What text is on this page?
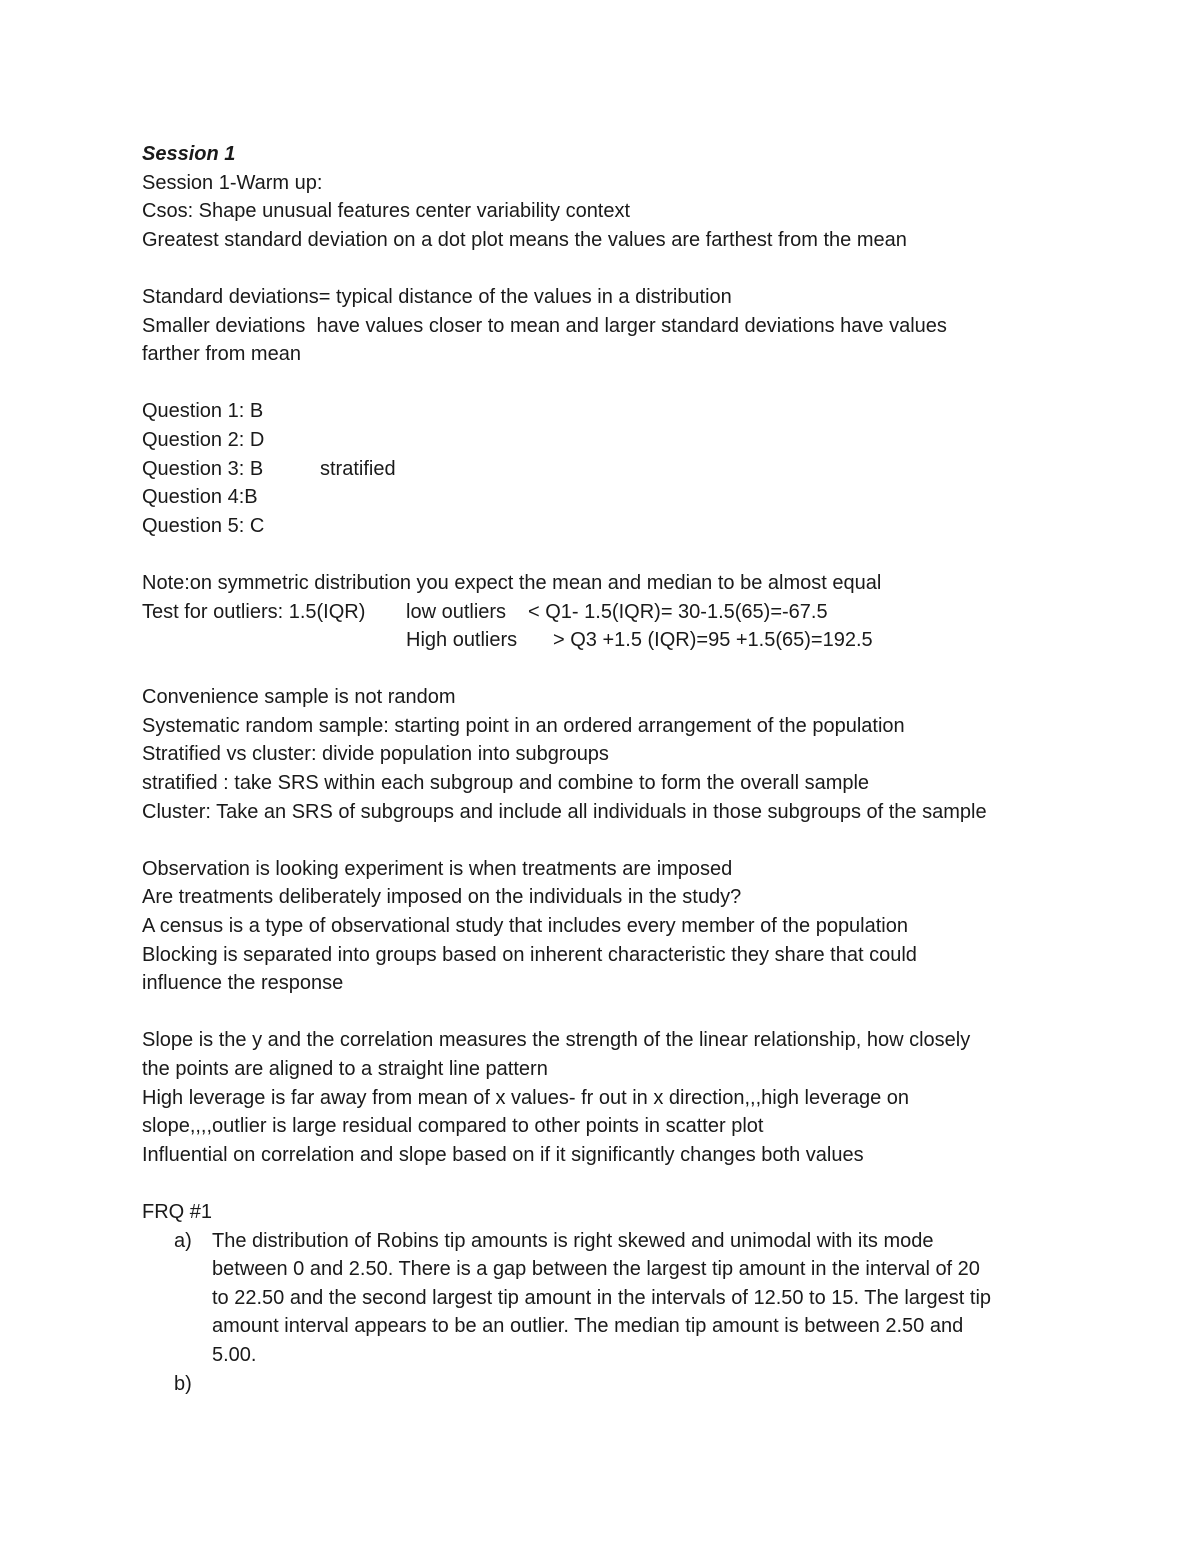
Session 1
Session 1-Warm up:
Csos: Shape unusual features center variability context
Greatest standard deviation on a dot plot means the values are farthest from the mean
Standard deviations= typical distance of the values in a distribution
Smaller deviations  have values closer to mean and larger standard deviations have values
farther from mean
Question 1: B
Question 2: D
Question 3: B	stratified
Question 4:B
Question 5: C
Note:on symmetric distribution you expect the mean and median to be almost equal
Test for outliers: 1.5(IQR) low outliers < Q1- 1.5(IQR)= 30-1.5(65)=-67.5
High outliers > Q3 +1.5 (IQR)=95 +1.5(65)=192.5
Convenience sample is not random
Systematic random sample: starting point in an ordered arrangement of the population
Stratified vs cluster: divide population into subgroups
stratified : take SRS within each subgroup and combine to form the overall sample
Cluster: Take an SRS of subgroups and include all individuals in those subgroups of the sample
Observation is looking experiment is when treatments are imposed
Are treatments deliberately imposed on the individuals in the study?
A census is a type of observational study that includes every member of the population
Blocking is separated into groups based on inherent characteristic they share that could
influence the response
Slope is the y and the correlation measures the strength of the linear relationship, how closely
the points are aligned to a straight line pattern
High leverage is far away from mean of x values- fr out in x direction,,,high leverage on
slope,,,,outlier is large residual compared to other points in scatter plot
Influential on correlation and slope based on if it significantly changes both values
FRQ #1
a) The distribution of Robins tip amounts is right skewed and unimodal with its mode
between 0 and 2.50. There is a gap between the largest tip amount in the interval of 20
to 22.50 and the second largest tip amount in the intervals of 12.50 to 15. The largest tip
amount interval appears to be an outlier. The median tip amount is between 2.50 and
5.00.
b)
